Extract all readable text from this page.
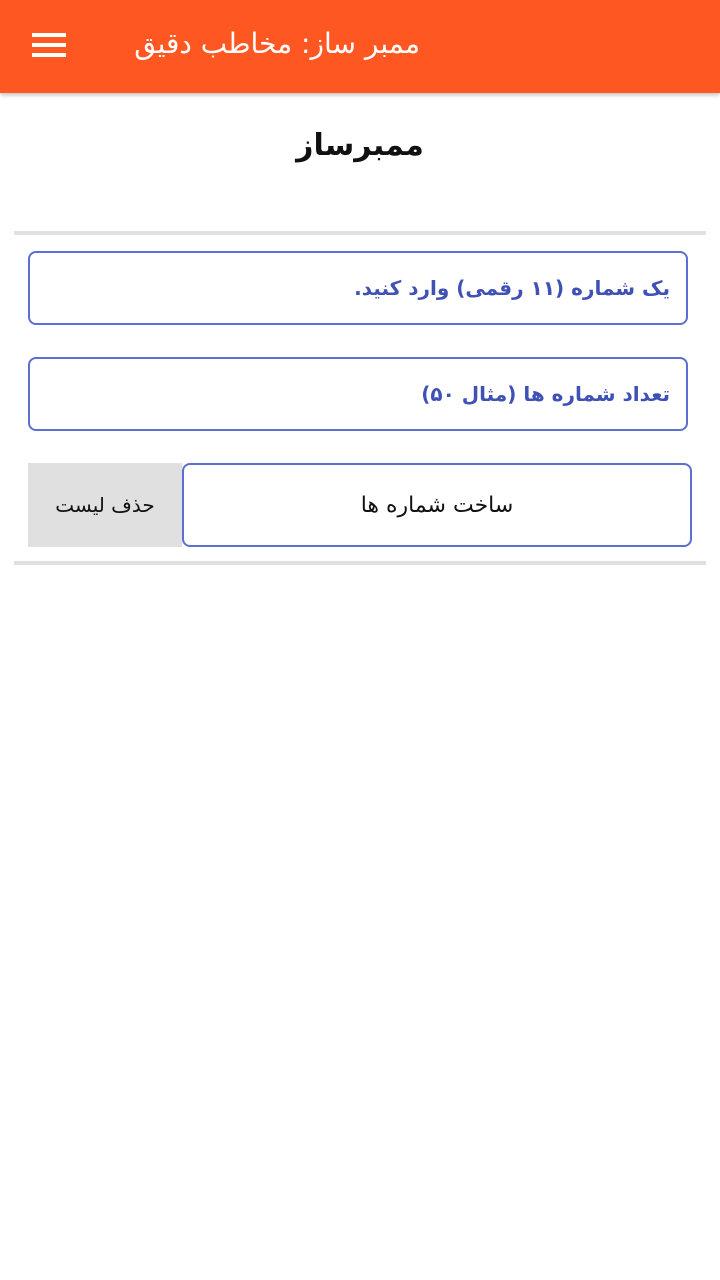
ممبر ساز: مخاطب دقیق
ممبرساز
یک شماره (۱۱ رقمی) وارد کنید.
تعداد شماره ها (مثال ۵۰)
حذف لیست	ساخت شماره ها
